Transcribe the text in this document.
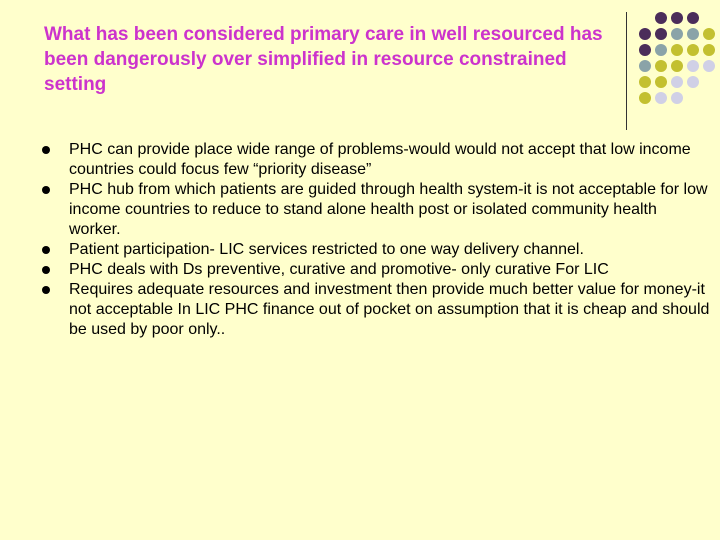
What has been considered primary care in well resourced has been dangerously over simplified in resource constrained setting
PHC can provide place wide range of problems-would would not accept that low income countries could focus few “priority disease”
PHC hub from which patients are guided through health system-it is not acceptable for low income countries to reduce to stand alone health post or isolated community health worker.
Patient participation- LIC services restricted to one way delivery channel.
PHC deals with Ds preventive, curative and promotive- only curative For LIC
Requires adequate resources and investment then provide much better value for money-it not acceptable In LIC PHC finance out of pocket on assumption that it is cheap and should be used by poor only..
